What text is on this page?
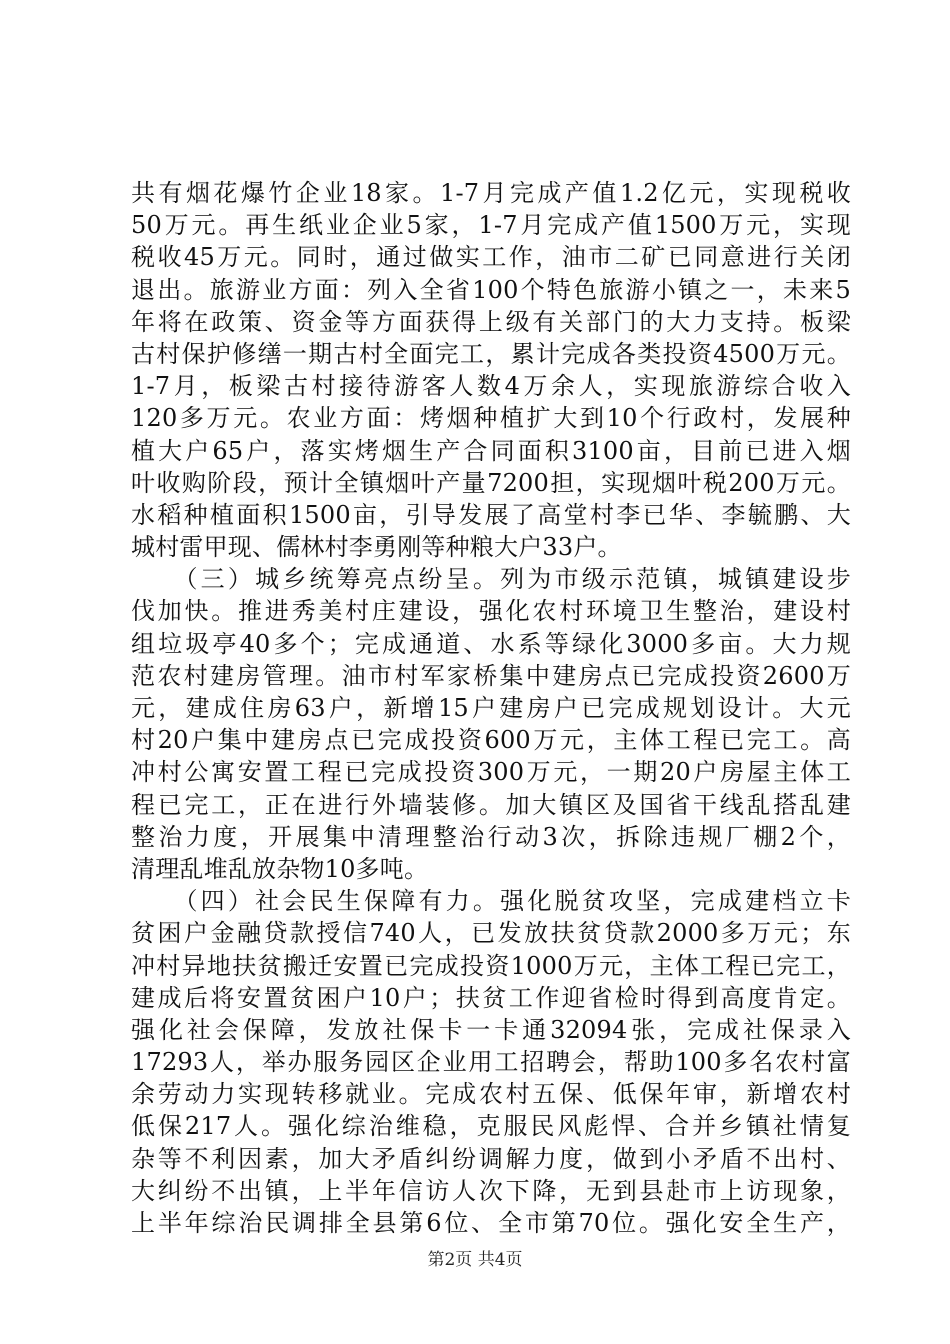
共有烟花爆竹企业18家。1-7月完成产值1.2亿元，实现税收
50万元。再生纸业企业5家，1-7月完成产值1500万元，实现
税收45万元。同时，通过做实工作，油市二矿已同意进行关闭
退出。旅游业方面：列入全省100个特色旅游小镇之一，未来5
年将在政策、资金等方面获得上级有关部门的大力支持。板梁
古村保护修缮一期古村全面完工，累计完成各类投资4500万元。
1-7月，板梁古村接待游客人数4万余人，实现旅游综合收入
120多万元。农业方面：烤烟种植扩大到10个行政村，发展种
植大户65户，落实烤烟生产合同面积3100亩，目前已进入烟
叶收购阶段，预计全镇烟叶产量7200担，实现烟叶税200万元。
水稻种植面积1500亩，引导发展了高堂村李已华、李毓鹏、大
城村雷甲现、儒林村李勇刚等种粮大户33户。
　　（三）城乡统筹亮点纷呈。列为市级示范镇，城镇建设步
伐加快。推进秀美村庄建设，强化农村环境卫生整治，建设村
组垃圾亭40多个；完成通道、水系等绿化3000多亩。大力规
范农村建房管理。油市村军家桥集中建房点已完成投资2600万
元，建成住房63户，新增15户建房户已完成规划设计。大元
村20户集中建房点已完成投资600万元，主体工程已完工。高
冲村公寓安置工程已完成投资300万元，一期20户房屋主体工
程已完工，正在进行外墙装修。加大镇区及国省干线乱搭乱建
整治力度，开展集中清理整治行动3次，拆除违规厂棚2个，
清理乱堆乱放杂物10多吨。
　　（四）社会民生保障有力。强化脱贫攻坚，完成建档立卡
贫困户金融贷款授信740人，已发放扶贫贷款2000多万元；东
冲村异地扶贫搬迁安置已完成投资1000万元，主体工程已完工，
建成后将安置贫困户10户；扶贫工作迎省检时得到高度肯定。
强化社会保障，发放社保卡一卡通32094张，完成社保录入
17293人，举办服务园区企业用工招聘会，帮助100多名农村富
余劳动力实现转移就业。完成农村五保、低保年审，新增农村
低保217人。强化综治维稳，克服民风彪悍、合并乡镇社情复
杂等不利因素，加大矛盾纠纷调解力度，做到小矛盾不出村、
大纠纷不出镇，上半年信访人次下降，无到县赴市上访现象，
上半年综治民调排全县第6位、全市第70位。强化安全生产，
第2页 共4页
